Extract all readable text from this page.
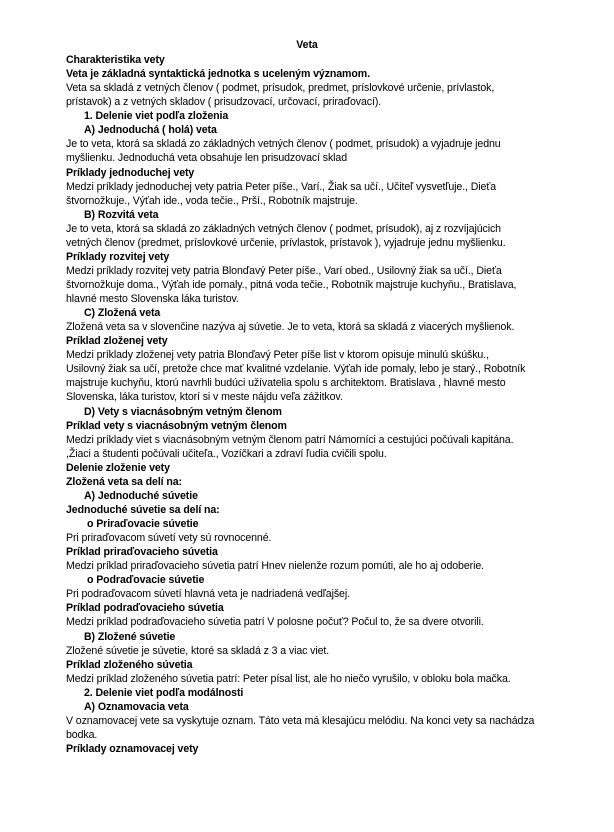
Veta
Charakteristika vety
Veta je základná syntaktická jednotka s uceleným významom.
Veta sa skladá z vetných členov ( podmet, prísudok, predmet, príslovkové určenie, prívlastok,
prístavok) a z vetných skladov ( prisudzovací, určovací, priraďovací).
1. Delenie viet podľa zloženia
A) Jednoduchá ( holá) veta
Je to veta, ktorá sa skladá zo základných vetných členov ( podmet, prísudok) a vyjadruje jednu
myšlienku. Jednoduchá veta obsahuje len prisudzovací sklad
Príklady jednoduchej vety
Medzi príklady jednoduchej vety patria Peter píše., Varí., Žiak sa učí., Učiteľ vysvetľuje., Dieťa
štvornožkuje., Výťah ide., voda tečie., Prší., Robotník majstruje.
B) Rozvitá veta
Je to veta, ktorá sa skladá zo základných vetných členov ( podmet, prísudok), aj z rozvíjajúcich
vetných členov (predmet, príslovkové určenie, prívlastok, prístavok ), vyjadruje jednu myšlienku.
Príklady rozvitej vety
Medzi príklady rozvitej vety patria Blonďavý Peter píše., Varí obed., Usilovný žiak sa učí., Dieťa
štvornožkuje doma., Výťah ide pomaly., pitná voda tečie., Robotník majstruje kuchyňu., Bratislava,
hlavné mesto Slovenska láka turistov.
C) Zložená veta
Zložená veta sa v slovenčine nazýva aj súvetie. Je to veta, ktorá sa skladá z viacerých myšlienok.
Príklad zloženej vety
Medzi príklady zloženej vety patria Blonďavý Peter píše list v ktorom opisuje minulú skúšku.,
Usilovný žiak sa učí, pretože chce mať kvalitné vzdelanie. Výťah ide pomaly, lebo je starý., Robotník
majstruje kuchyňu, ktorú navrhli budúci užívatelia spolu s architektom. Bratislava , hlavné mesto
Slovenska, láka turistov, ktorí si v meste nájdu veľa zážitkov.
D) Vety s viacnásobným vetným členom
Príklad vety s viacnásobným vetným členom
Medzi príklady viet s viacnásobným vetným členom patrí Námorníci a cestujúci počúvali kapitána.
,Žiaci a študenti počúvali učiteľa., Vozíčkari a zdraví ľudia cvičili spolu.
Delenie zloženie vety
Zložená veta sa delí na:
A) Jednoduché súvetie
Jednoduché súvetie sa delí na:
o Priraďovacie súvetie
Pri priraďovacom súvetí vety sú rovnocenné.
Príklad priraďovacieho súvetia
Medzi príklad priraďovacieho súvetia patrí Hnev nielenže rozum pomúti, ale ho aj odoberie.
o Podraďovacie súvetie
Pri podraďovacom súvetí hlavná veta je nadriadená vedľajšej.
Príklad podraďovacieho súvetia
Medzi príklad podraďovacieho súvetia patrí V polosne počuť? Počul to, že sa dvere otvorili.
B) Zložené súvetie
Zložené súvetie je súvetie, ktoré sa skladá z 3 a viac viet.
Príklad zloženého súvetia
Medzi príklad zloženého súvetia patrí: Peter písal list, ale ho niečo vyrušilo, v obloku bola mačka.
2. Delenie viet podľa modálnosti
A) Oznamovacia veta
V oznamovacej vete sa vyskytuje oznam. Táto veta má klesajúcu melódiu. Na konci vety sa nachádza
bodka.
Príklady oznamovacej vety
